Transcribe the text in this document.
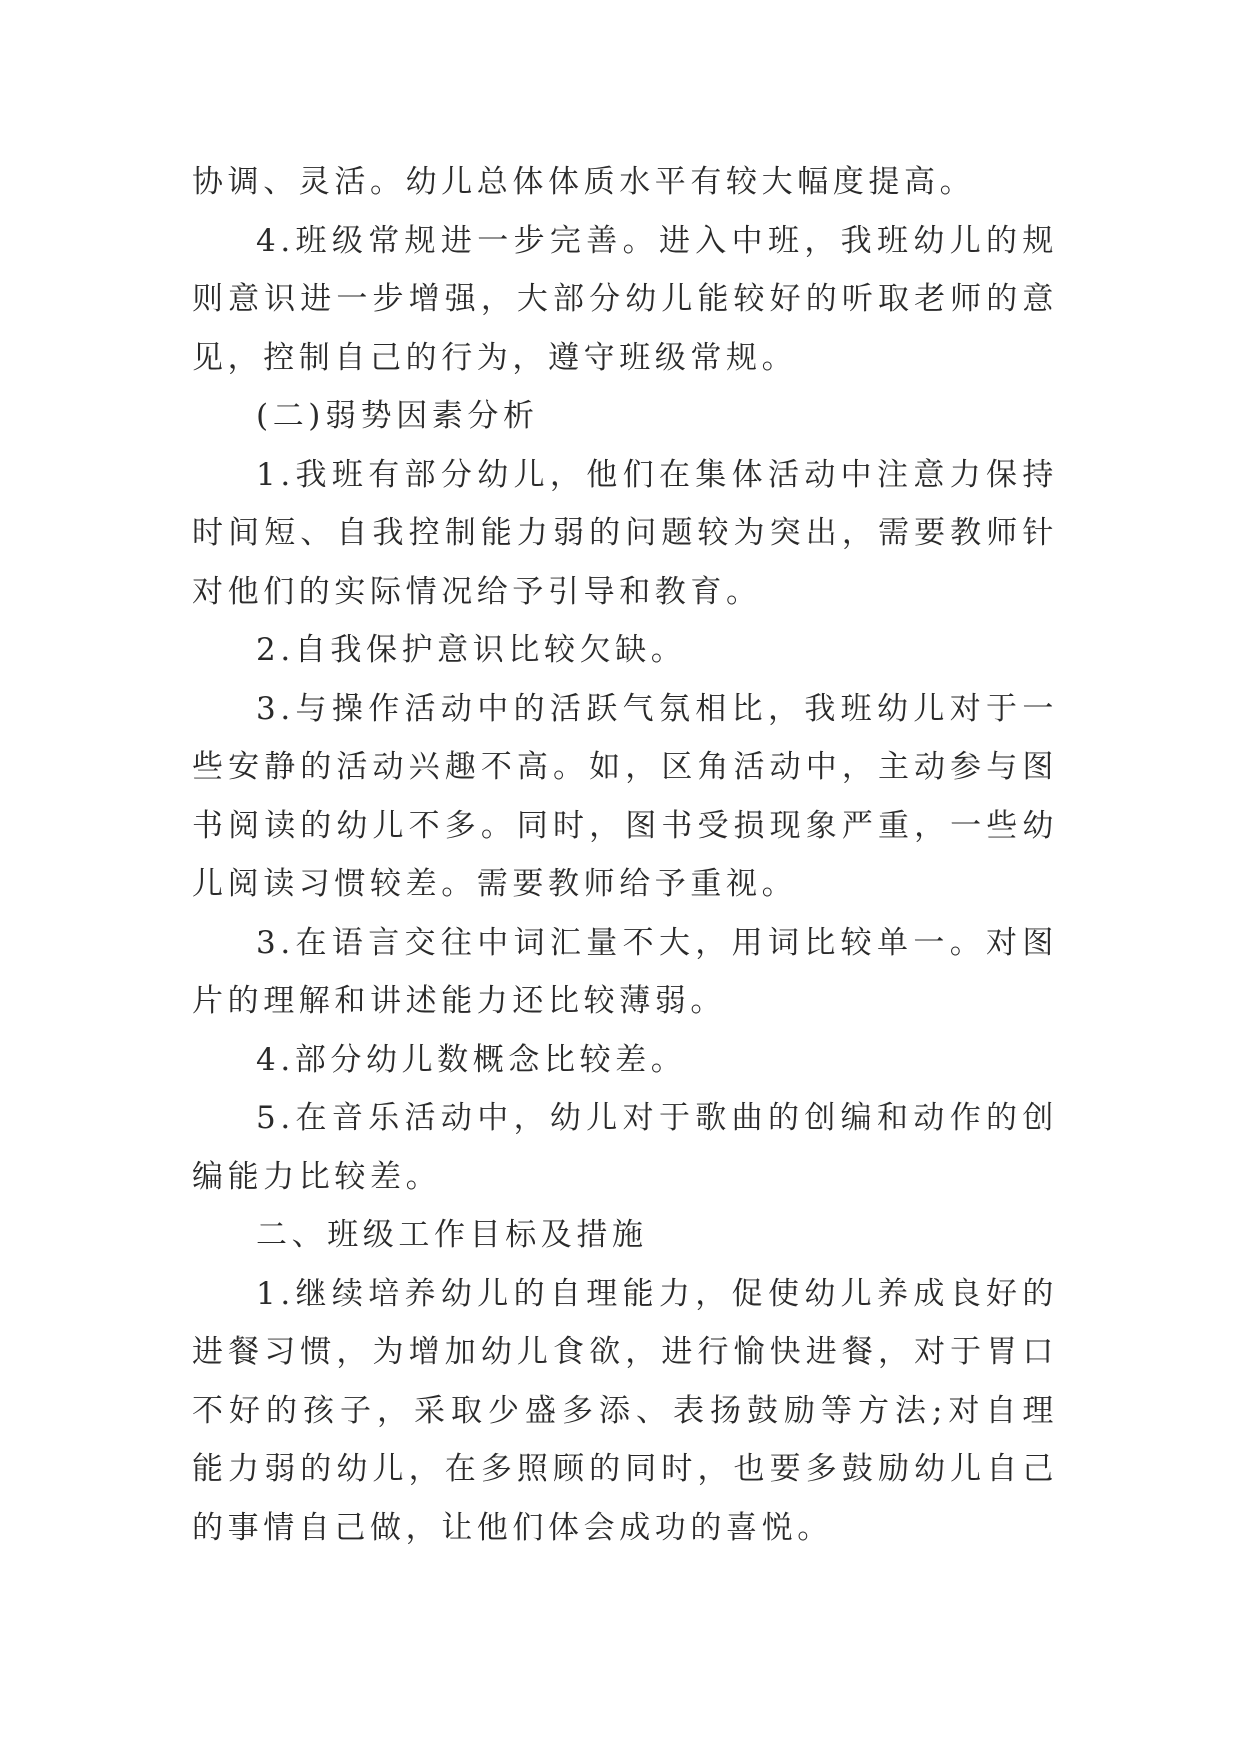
协调、灵活。幼儿总体体质水平有较大幅度提高。

4.班级常规进一步完善。进入中班，我班幼儿的规则意识进一步增强，大部分幼儿能较好的听取老师的意见，控制自己的行为，遵守班级常规。

(二)弱势因素分析

1.我班有部分幼儿，他们在集体活动中注意力保持时间短、自我控制能力弱的问题较为突出，需要教师针对他们的实际情况给予引导和教育。

2.自我保护意识比较欠缺。

3.与操作活动中的活跃气氛相比，我班幼儿对于一些安静的活动兴趣不高。如，区角活动中，主动参与图书阅读的幼儿不多。同时，图书受损现象严重，一些幼儿阅读习惯较差。需要教师给予重视。

3.在语言交往中词汇量不大，用词比较单一。对图片的理解和讲述能力还比较薄弱。

4.部分幼儿数概念比较差。

5.在音乐活动中，幼儿对于歌曲的创编和动作的创编能力比较差。

二、班级工作目标及措施

1.继续培养幼儿的自理能力，促使幼儿养成良好的进餐习惯，为增加幼儿食欲，进行愉快进餐，对于胃口不好的孩子，采取少盛多添、表扬鼓励等方法;对自理能力弱的幼儿，在多照顾的同时，也要多鼓励幼儿自己的事情自己做，让他们体会成功的喜悦。
